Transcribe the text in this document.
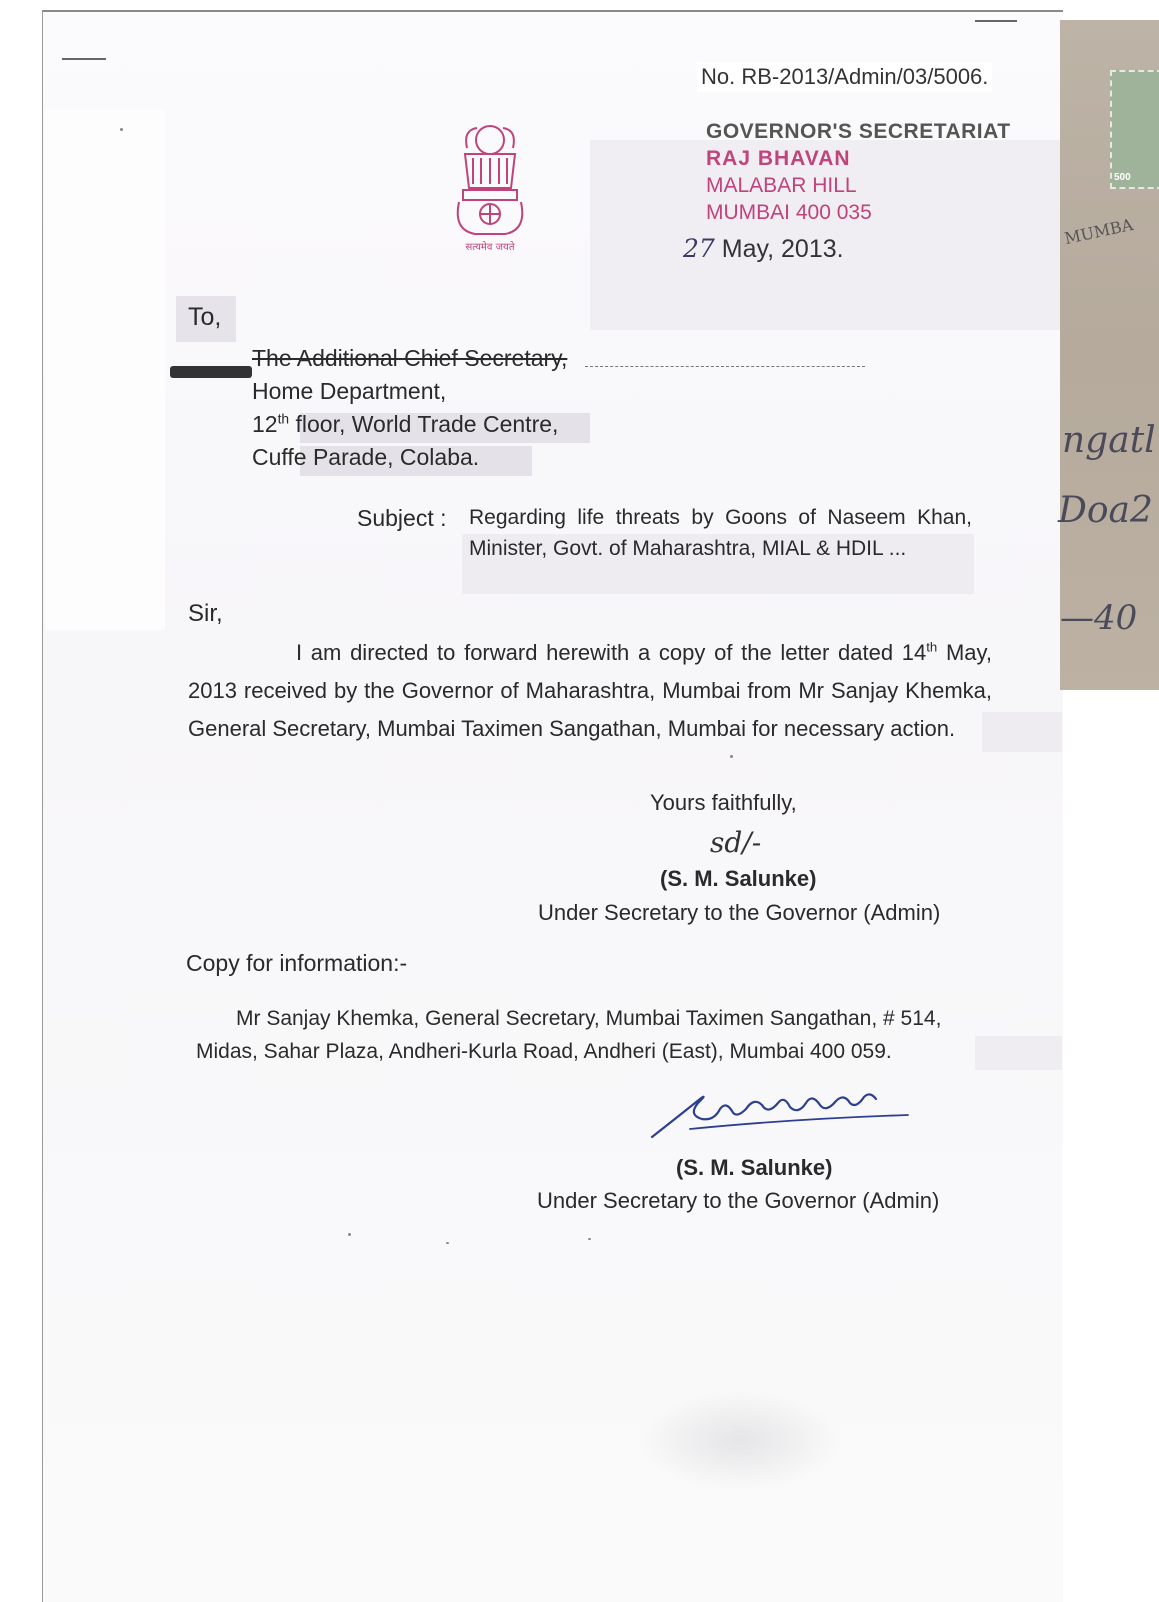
500
MUMBA
ngatl
Doa2
—40
No. RB-2013/Admin/03/5006.
सत्यमेव जयते
GOVERNOR'S SECRETARIAT
RAJ BHAVAN
MALABAR HILL
MUMBAI 400 035
27 May, 2013.
To,
The Additional Chief Secretary,
Home Department,
12th floor, World Trade Centre,
Cuffe Parade, Colaba.
Subject : Regarding life threats by Goons of Naseem Khan, Minister, Govt. of Maharashtra, MIAL & HDIL ...
Sir,
I am directed to forward herewith a copy of the letter dated 14th May, 2013 received by the Governor of Maharashtra, Mumbai from Mr Sanjay Khemka, General Secretary, Mumbai Taximen Sangathan, Mumbai for necessary action.
Yours faithfully,
sd/-
(S. M. Salunke)
Under Secretary to the Governor (Admin)
Copy for information:-
Mr Sanjay Khemka, General Secretary, Mumbai Taximen Sangathan, # 514, Midas, Sahar Plaza, Andheri-Kurla Road, Andheri (East), Mumbai 400 059.
(S. M. Salunke)
Under Secretary to the Governor (Admin)
